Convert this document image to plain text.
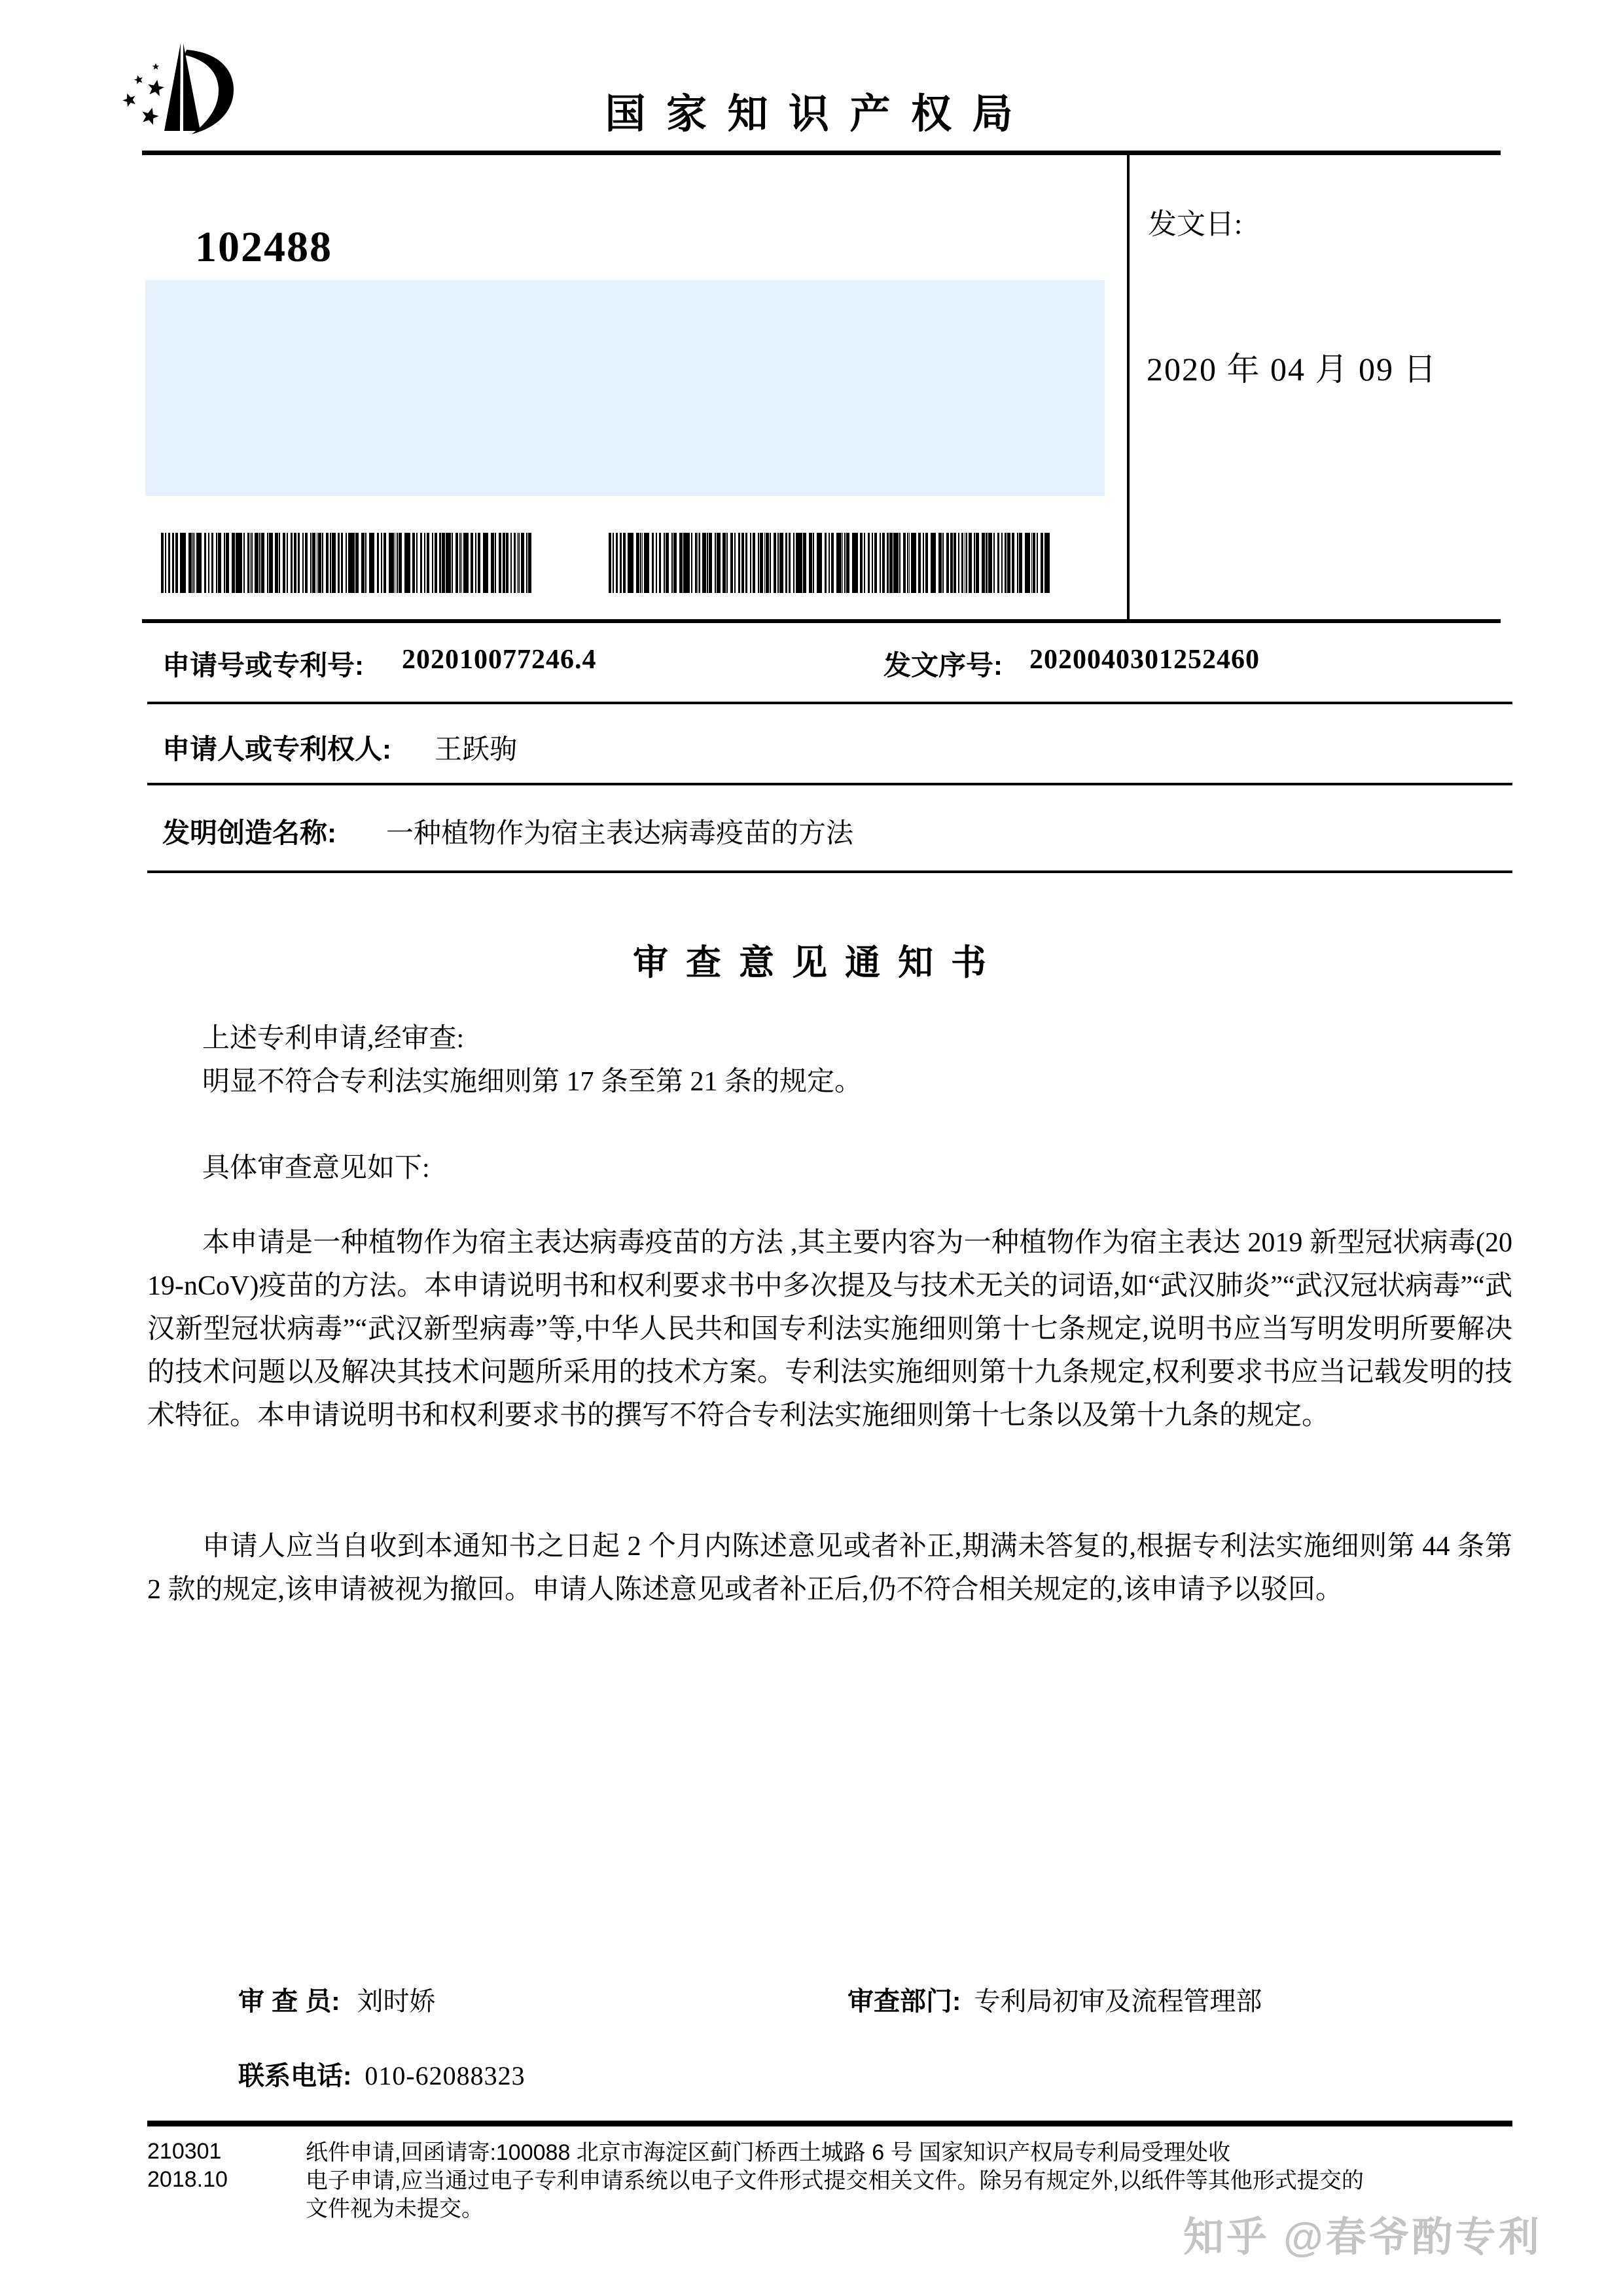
国 家 知 识 产 权 局
102488	发文日:
2020 年 04 月 09 日
申请号或专利号: 202010077246.4	发文序号: 2020040301252460
申请人或专利权人: 王跃驹
发明创造名称: 一种植物作为宿主表达病毒疫苗的方法
审 查 意 见 通 知 书
上述专利申请,经审查:
明显不符合专利法实施细则第 17 条至第 21 条的规定。
具体审查意见如下:
本申请是一种植物作为宿主表达病毒疫苗的方法 ,其主要内容为一种植物作为宿主表达 2019 新型冠状病毒(2019-nCoV)疫苗的方法。本申请说明书和权利要求书中多次提及与技术无关的词语,如“武汉肺炎”“武汉冠状病毒”“武汉新型冠状病毒”“武汉新型病毒”等,中华人民共和国专利法实施细则第十七条规定,说明书应当写明发明所要解决的技术问题以及解决其技术问题所采用的技术方案。专利法实施细则第十九条规定,权利要求书应当记载发明的技术特征。本申请说明书和权利要求书的撰写不符合专利法实施细则第十七条以及第十九条的规定。
申请人应当自收到本通知书之日起 2 个月内陈述意见或者补正,期满未答复的,根据专利法实施细则第 44 条第 2 款的规定,该申请被视为撤回。申请人陈述意见或者补正后,仍不符合相关规定的,该申请予以驳回。
审 查 员: 刘时娇	审查部门: 专利局初审及流程管理部
联系电话: 010-62088323
210301
2018.10
纸件申请,回函请寄:100088 北京市海淀区蓟门桥西土城路 6 号 国家知识产权局专利局受理处收
电子申请,应当通过电子专利申请系统以电子文件形式提交相关文件。除另有规定外,以纸件等其他形式提交的
文件视为未提交。
知乎 @春爷酌专利
